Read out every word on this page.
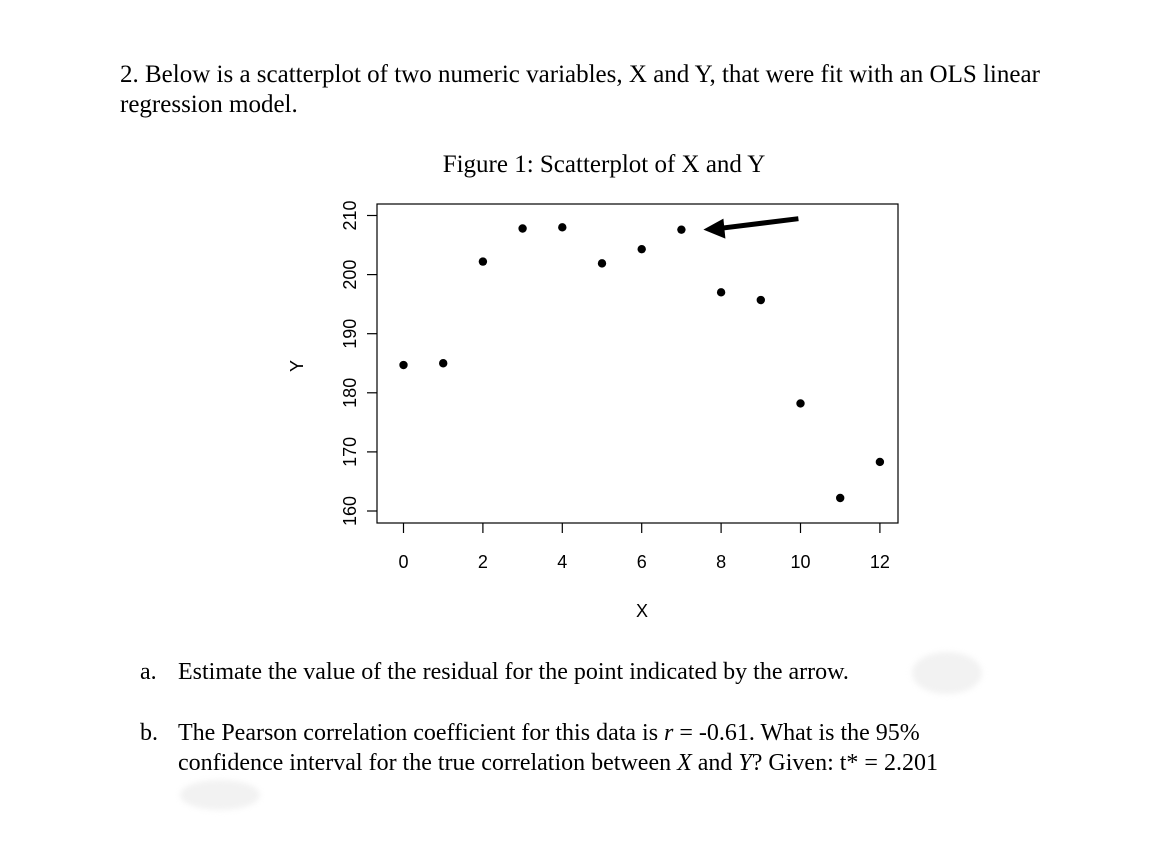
2. Below is a scatterplot of two numeric variables, X and Y, that were fit with an OLS linear regression model.

Figure 1: Scatterplot of X and Y

0	2	4	6	8	10	12
160
170
180
190
200
210
X
Y

a. Estimate the value of the residual for the point indicated by the arrow.

b. The Pearson correlation coefficient for this data is r = -0.61. What is the 95% confidence interval for the true correlation between X and Y? Given: t* = 2.201
